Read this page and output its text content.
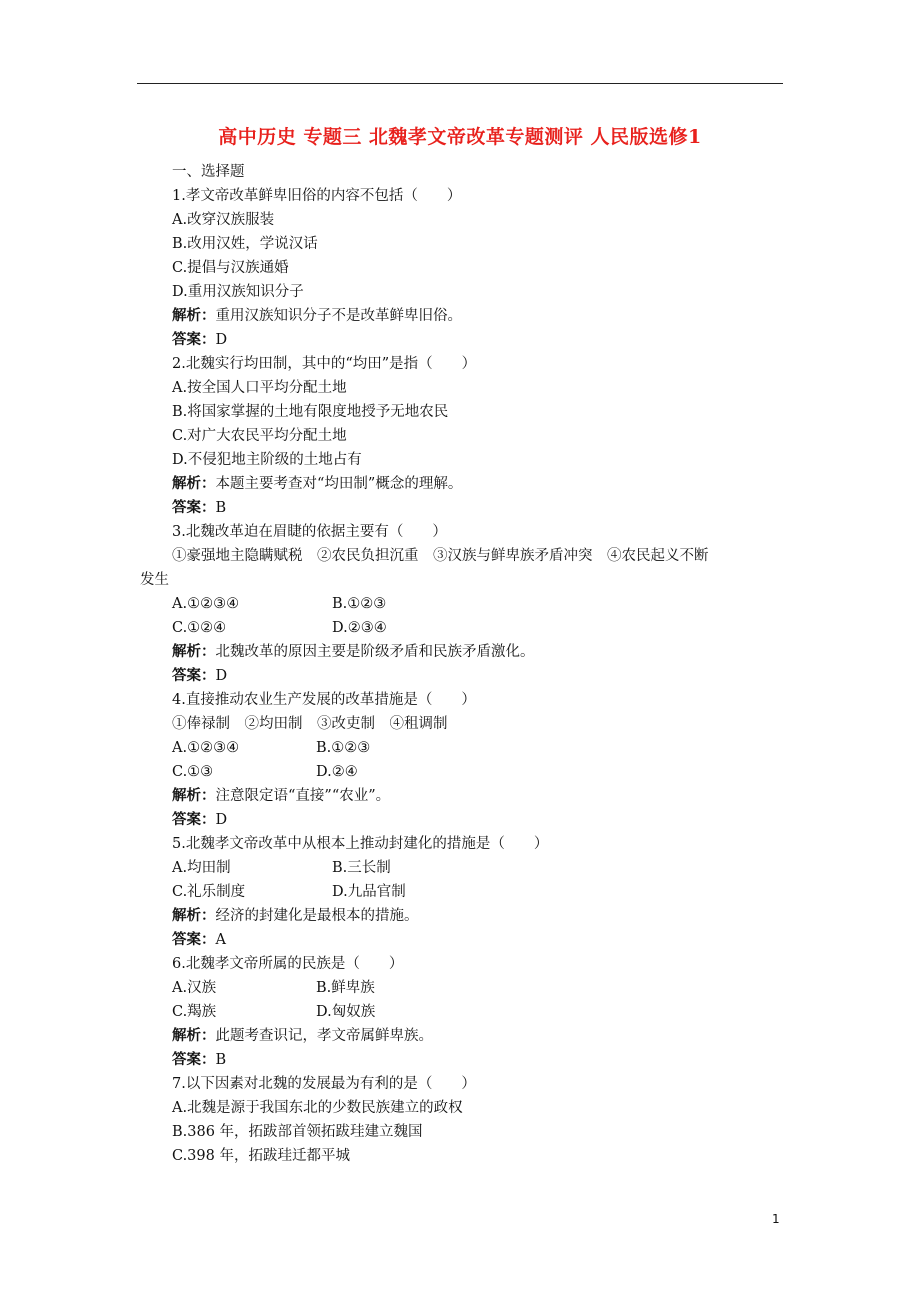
高中历史 专题三 北魏孝文帝改革专题测评 人民版选修1
一、选择题
1.孝文帝改革鲜卑旧俗的内容不包括（　　）
A.改穿汉族服装
B.改用汉姓，学说汉话
C.提倡与汉族通婚
D.重用汉族知识分子
解析：重用汉族知识分子不是改革鲜卑旧俗。
答案：D
2.北魏实行均田制，其中的“均田”是指（　　）
A.按全国人口平均分配土地
B.将国家掌握的土地有限度地授予无地农民
C.对广大农民平均分配土地
D.不侵犯地主阶级的土地占有
解析：本题主要考查对“均田制”概念的理解。
答案：B
3.北魏改革迫在眉睫的依据主要有（　　）
①豪强地主隐瞒赋税　②农民负担沉重　③汉族与鲜卑族矛盾冲突　④农民起义不断
发生
A.①②③④	B.①②③
C.①②④	D.②③④
解析：北魏改革的原因主要是阶级矛盾和民族矛盾激化。
答案：D
4.直接推动农业生产发展的改革措施是（　　）
①俸禄制　②均田制　③改吏制　④租调制
A.①②③④	B.①②③
C.①③	D.②④
解析：注意限定语“直接”“农业”。
答案：D
5.北魏孝文帝改革中从根本上推动封建化的措施是（　　）
A.均田制	B.三长制
C.礼乐制度	D.九品官制
解析：经济的封建化是最根本的措施。
答案：A
6.北魏孝文帝所属的民族是（　　）
A.汉族	B.鲜卑族
C.羯族	D.匈奴族
解析：此题考查识记，孝文帝属鲜卑族。
答案：B
7.以下因素对北魏的发展最为有利的是（　　）
A.北魏是源于我国东北的少数民族建立的政权
B.386 年，拓跋部首领拓跋珪建立魏国
C.398 年，拓跋珪迁都平城
1
